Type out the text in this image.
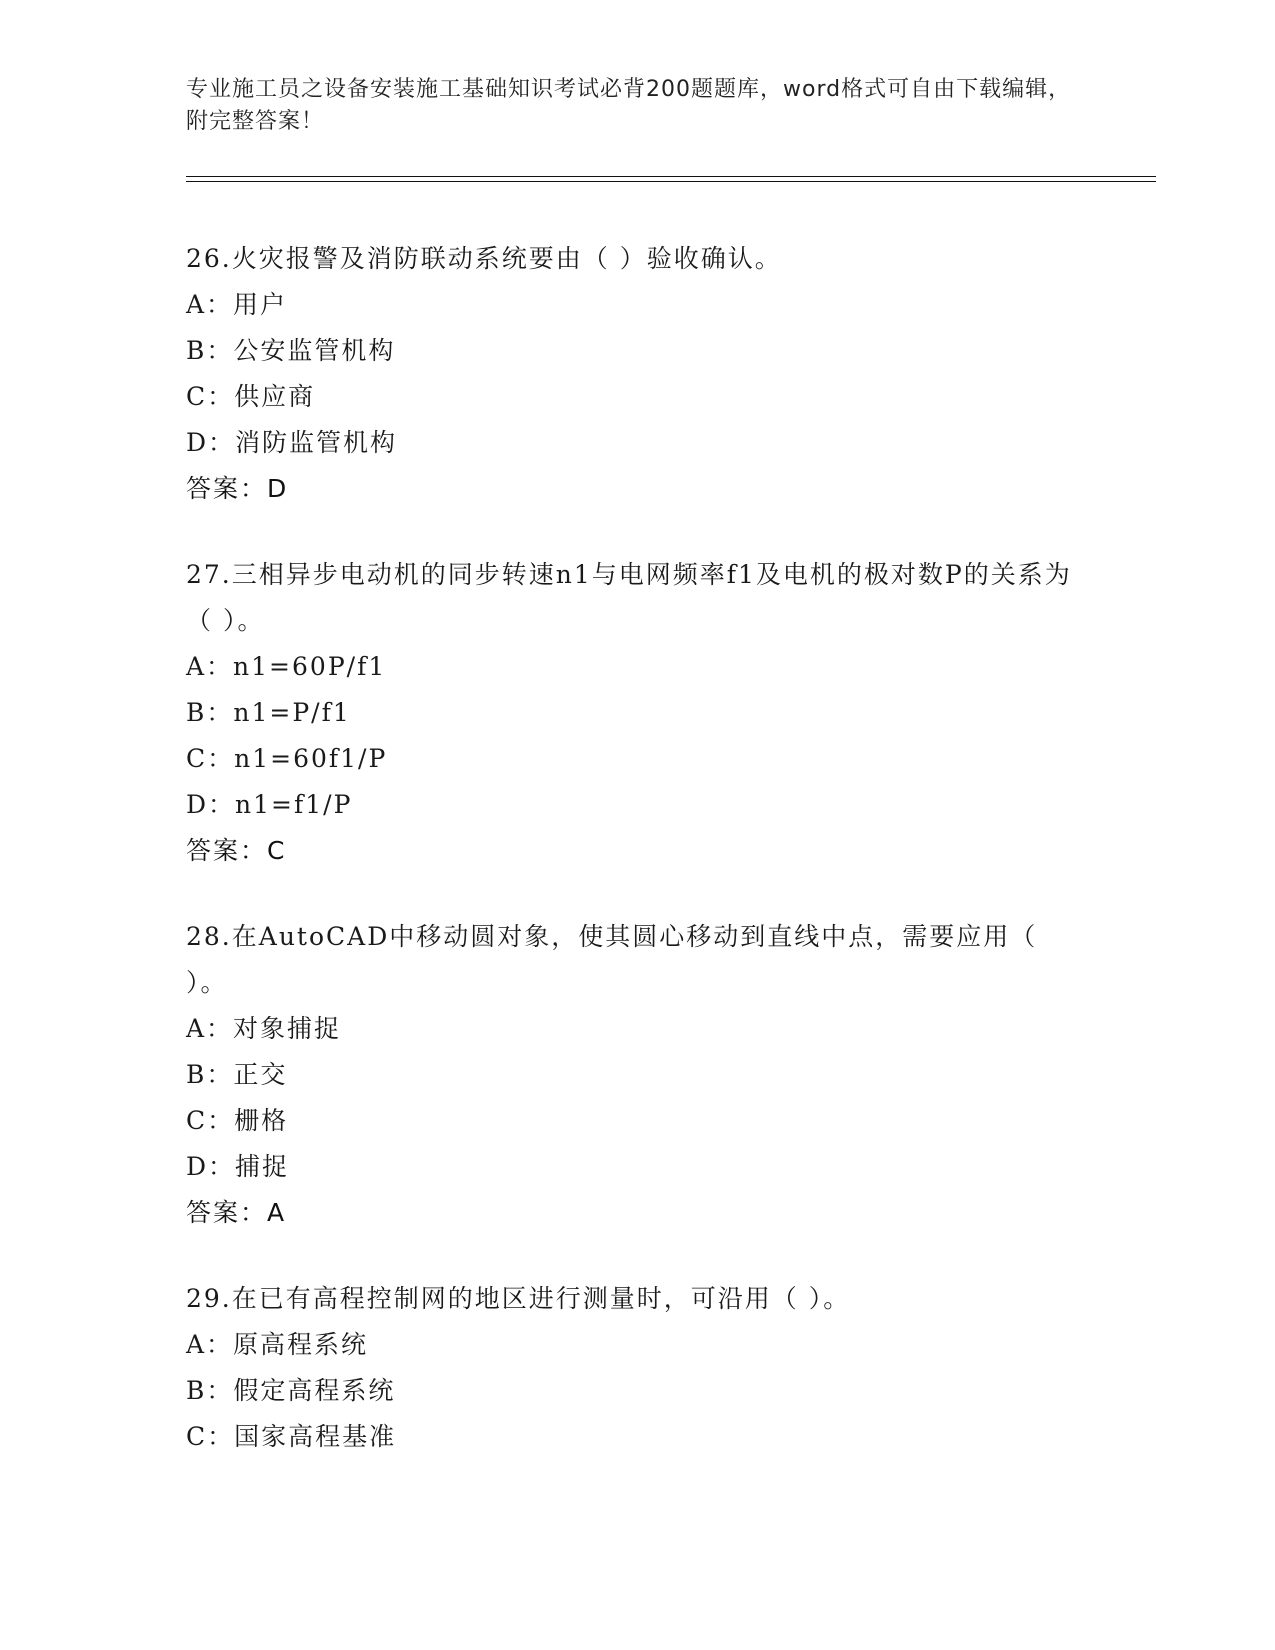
专业施工员之设备安装施工基础知识考试必背200题题库，word格式可自由下载编辑，附完整答案！
26.火灾报警及消防联动系统要由（ ）验收确认。
A：用户
B：公安监管机构
C：供应商
D：消防监管机构
答案：D
27.三相异步电动机的同步转速n1与电网频率f1及电机的极对数P的关系为（ ）。
A：n1=60P/f1
B：n1=P/f1
C：n1=60f1/P
D：n1=f1/P
答案：C
28.在AutoCAD中移动圆对象，使其圆心移动到直线中点，需要应用（ ）。
A：对象捕捉
B：正交
C：栅格
D：捕捉
答案：A
29.在已有高程控制网的地区进行测量时，可沿用（ ）。
A：原高程系统
B：假定高程系统
C：国家高程基准
